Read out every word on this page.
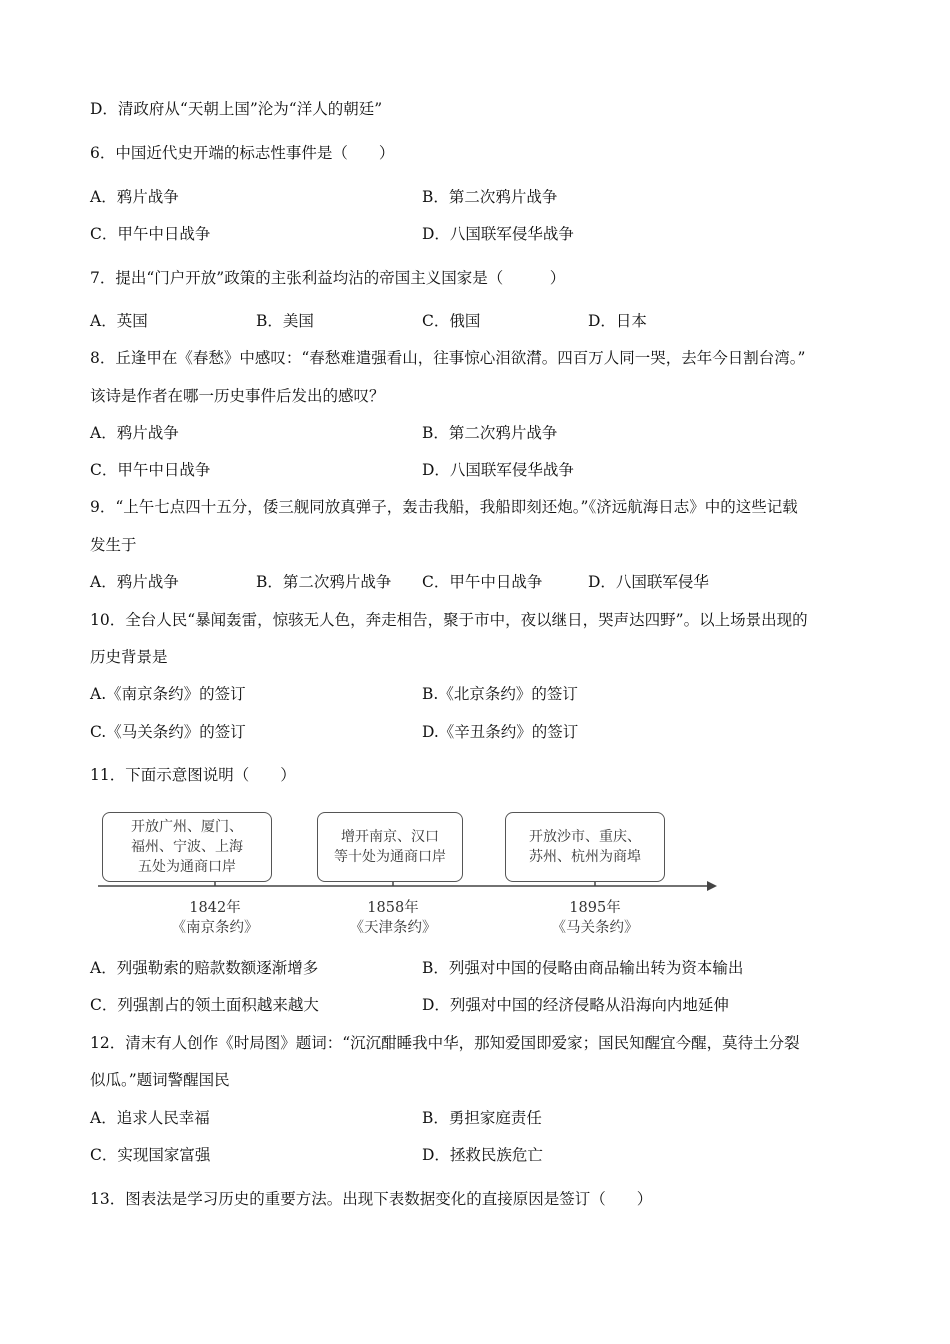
D．清政府从“天朝上国”沦为“洋人的朝廷”
6．中国近代史开端的标志性事件是（　　）
A．鸦片战争	B．第二次鸦片战争
C．甲午中日战争	D．八国联军侵华战争
7．提出“门户开放”政策的主张利益均沾的帝国主义国家是（　　　）
A．英国	B．美国	C．俄国	D．日本
8．丘逢甲在《春愁》中感叹：“春愁难遣强看山，往事惊心泪欲潸。四百万人同一哭，去年今日割台湾。”
该诗是作者在哪一历史事件后发出的感叹？
A．鸦片战争	B．第二次鸦片战争
C．甲午中日战争	D．八国联军侵华战争
9．“上午七点四十五分，倭三舰同放真弹子，轰击我船，我船即刻还炮。”《济远航海日志》中的这些记载
发生于
A．鸦片战争	B．第二次鸦片战争 C．甲午中日战争	D．八国联军侵华
10．全台人民“暴闻轰雷，惊骇无人色，奔走相告，聚于市中，夜以继日，哭声达四野”。以上场景出现的
历史背景是
A.《南京条约》的签订	B.《北京条约》的签订
C.《马关条约》的签订	D.《辛丑条约》的签订
11．下面示意图说明（　　）
开放广州、厦门、
福州、宁波、上海
五处为通商口岸
增开南京、汉口
等十处为通商口岸
开放沙市、重庆、
苏州、杭州为商埠
1842年
《南京条约》
1858年
《天津条约》
1895年
《马关条约》
A．列强勒索的赔款数额逐渐增多	B．列强对中国的侵略由商品输出转为资本输出
C．列强割占的领土面积越来越大	D．列强对中国的经济侵略从沿海向内地延伸
12．清末有人创作《时局图》题词：“沉沉酣睡我中华，那知爱国即爱家；国民知醒宜今醒，莫待土分裂
似瓜。”题词警醒国民
A．追求人民幸福	B．勇担家庭责任
C．实现国家富强	D．拯救民族危亡
13．图表法是学习历史的重要方法。出现下表数据变化的直接原因是签订（　　）
